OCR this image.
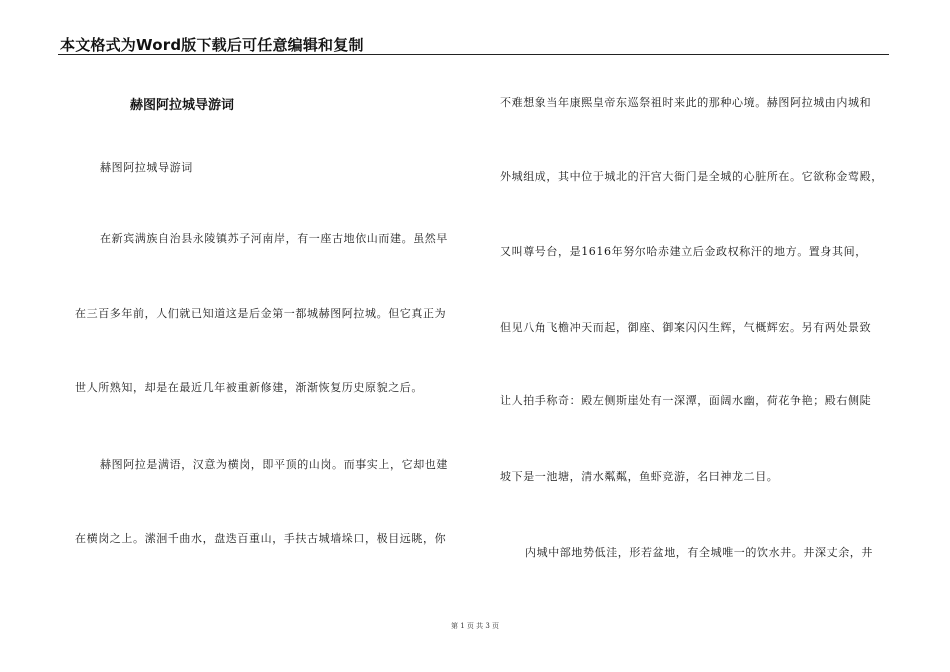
本文格式为Word版下载后可任意编辑和复制
赫图阿拉城导游词
赫图阿拉城导游词
在新宾满族自治县永陵镇苏子河南岸，有一座古地依山而建。虽然早
在三百多年前，人们就已知道这是后金第一都城赫图阿拉城。但它真正为
世人所熟知，却是在最近几年被重新修建，渐渐恢复历史原貌之后。
赫图阿拉是满语，汉意为横岗，即平顶的山岗。而事实上，它却也建
在横岗之上。潆洄千曲水，盘迭百重山，手扶古城墙垛口，极目远眺，你
不难想象当年康熙皇帝东巡祭祖时来此的那种心境。赫图阿拉城由内城和
外城组成，其中位于城北的汗宫大衙门是全城的心脏所在。它欲称金莺殿，
又叫尊号台，是1616年努尔哈赤建立后金政权称汗的地方。置身其间，
但见八角飞檐冲天而起，御座、御案闪闪生辉，气概辉宏。另有两处景致
让人拍手称奇：殿左侧斯崖处有一深潭，面阔水幽，荷花争艳；殿右侧陡
坡下是一池塘，清水粼粼，鱼虾竞游，名曰神龙二目。
内城中部地势低洼，形若盆地，有全城唯一的饮水井。井深丈余，井
第 1 页 共 3 页
